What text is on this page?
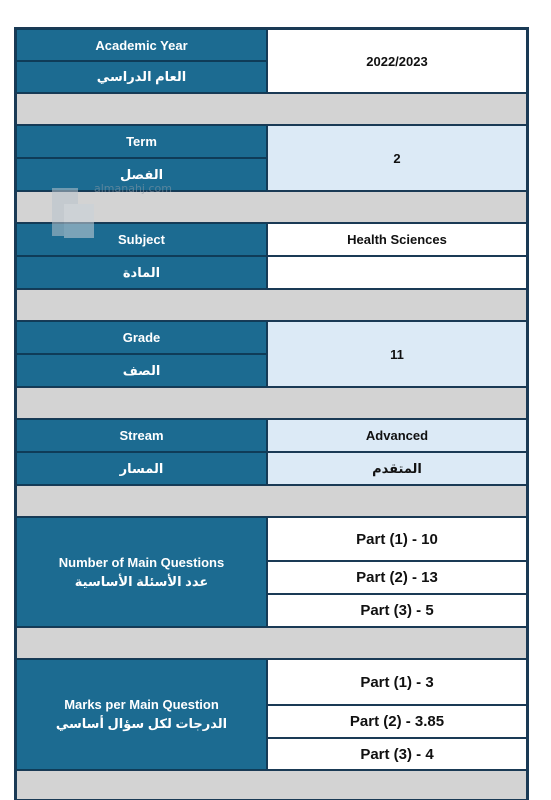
Academic Year
العام الدراسي
2022/2023
Term
الفصل
2
Subject
المادة
Health Sciences
Grade
الصف
11
Stream
المسار
Advanced
المتقدم
Number of Main Questions
عدد الأسئلة الأساسية
Part (1) - 10
Part (2) - 13
Part (3) - 5
Marks per Main Question
الدرجات لكل سؤال أساسي
Part (1) - 3
Part (2) - 3.85
Part (3) - 4
almanahj.com
